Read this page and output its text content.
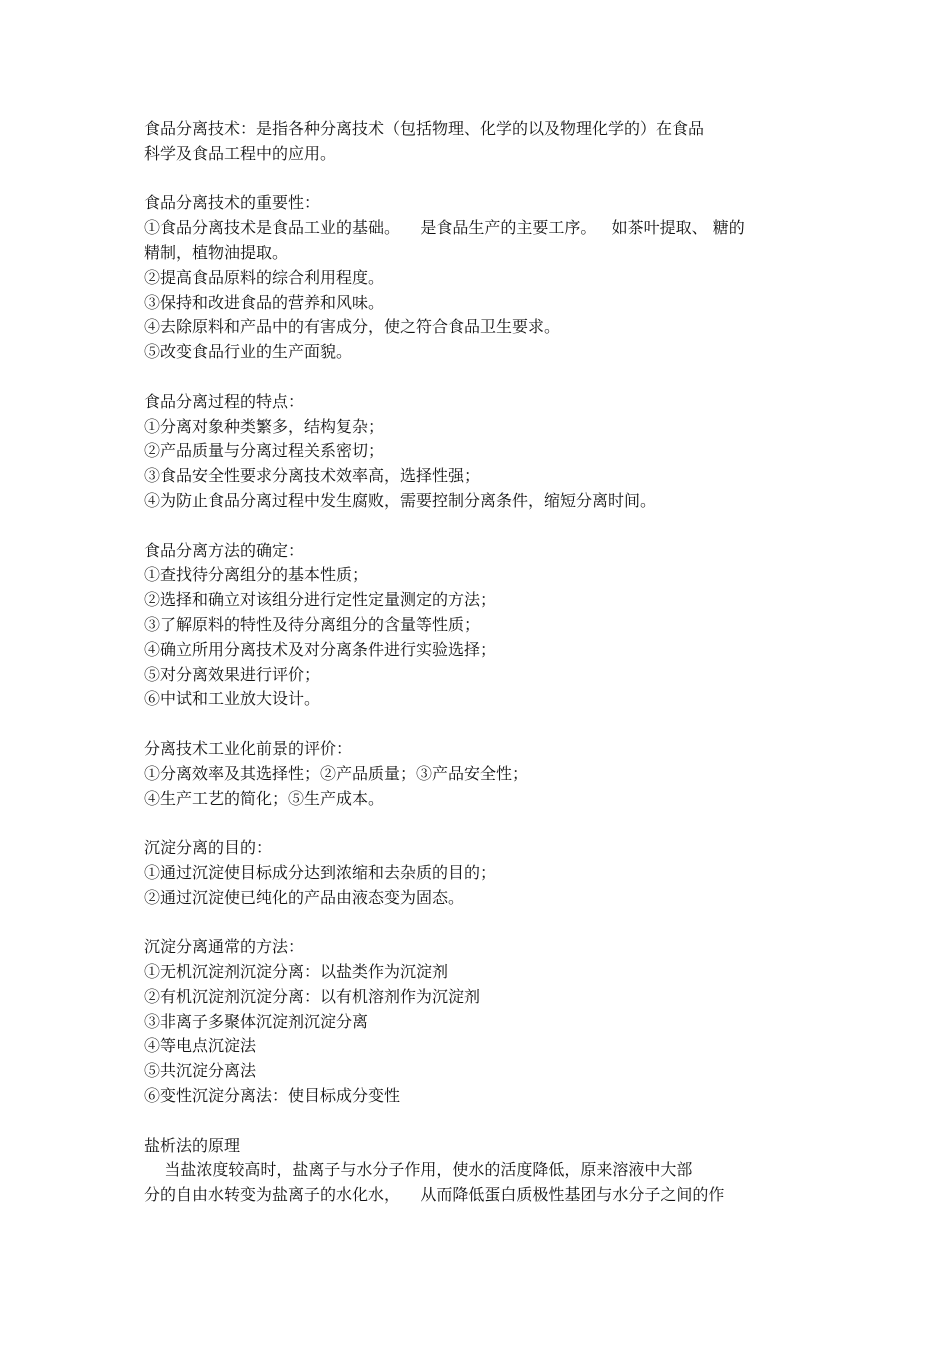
食品分离技术：是指各种分离技术（包括物理、化学的以及物理化学的）在食品
科学及食品工程中的应用。
食品分离技术的重要性：
①食品分离技术是食品工业的基础。    是食品生产的主要工序。   如茶叶提取、 糖的
精制，植物油提取。
②提高食品原料的综合利用程度。
③保持和改进食品的营养和风味。
④去除原料和产品中的有害成分，使之符合食品卫生要求。
⑤改变食品行业的生产面貌。
食品分离过程的特点：
①分离对象种类繁多，结构复杂；
②产品质量与分离过程关系密切；
③食品安全性要求分离技术效率高，选择性强；
④为防止食品分离过程中发生腐败，需要控制分离条件，缩短分离时间。
食品分离方法的确定：
①查找待分离组分的基本性质；
②选择和确立对该组分进行定性定量测定的方法；
③了解原料的特性及待分离组分的含量等性质；
④确立所用分离技术及对分离条件进行实验选择；
⑤对分离效果进行评价；
⑥中试和工业放大设计。
分离技术工业化前景的评价：
①分离效率及其选择性；②产品质量；③产品安全性；
④生产工艺的简化；⑤生产成本。
沉淀分离的目的：
①通过沉淀使目标成分达到浓缩和去杂质的目的；
②通过沉淀使已纯化的产品由液态变为固态。
沉淀分离通常的方法：
①无机沉淀剂沉淀分离：以盐类作为沉淀剂
②有机沉淀剂沉淀分离：以有机溶剂作为沉淀剂
③非离子多聚体沉淀剂沉淀分离
④等电点沉淀法
⑤共沉淀分离法
⑥变性沉淀分离法：使目标成分变性
盐析法的原理
当盐浓度较高时，盐离子与水分子作用，使水的活度降低，原来溶液中大部
分的自由水转变为盐离子的水化水，    从而降低蛋白质极性基团与水分子之间的作
